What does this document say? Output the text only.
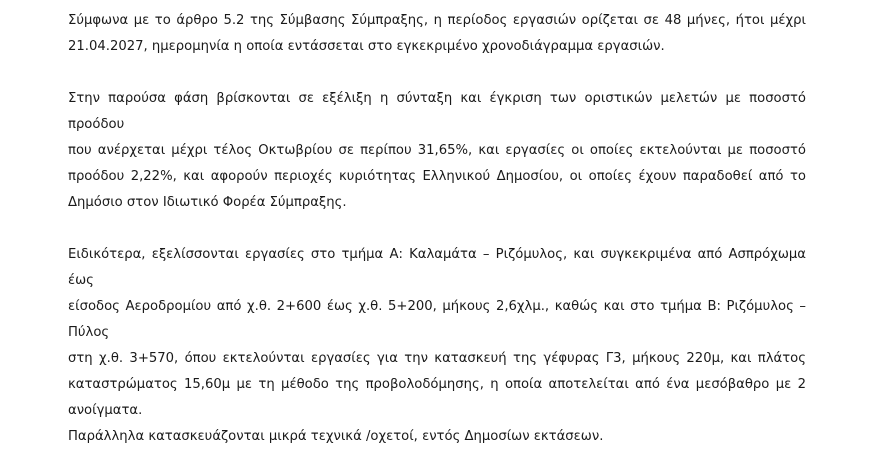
Σύμφωνα με το άρθρο 5.2 της Σύμβασης Σύμπραξης, η περίοδος εργασιών ορίζεται σε 48 μήνες, ήτοι μέχρι
21.04.2027, ημερομηνία η οποία εντάσσεται στο εγκεκριμένο χρονοδιάγραμμα εργασιών.

Στην παρούσα φάση βρίσκονται σε εξέλιξη η σύνταξη και έγκριση των οριστικών μελετών με ποσοστό προόδου
που ανέρχεται μέχρι τέλος Οκτωβρίου σε περίπου 31,65%, και εργασίες οι οποίες εκτελούνται με ποσοστό
προόδου 2,22%, και αφορούν περιοχές κυριότητας Ελληνικού Δημοσίου, οι οποίες έχουν παραδοθεί από το
Δημόσιο στον Ιδιωτικό Φορέα Σύμπραξης.

Ειδικότερα, εξελίσσονται εργασίες στο τμήμα Α: Καλαμάτα – Ριζόμυλος, και συγκεκριμένα από Ασπρόχωμα έως
είσοδος Αεροδρομίου από χ.θ. 2+600 έως χ.θ. 5+200, μήκους 2,6χλμ., καθώς και στο τμήμα Β: Ριζόμυλος – Πύλος
στη χ.θ. 3+570, όπου εκτελούνται εργασίες για την κατασκευή της γέφυρας Γ3, μήκους 220μ, και πλάτος
καταστρώματος 15,60μ με τη μέθοδο της προβολοδόμησης, η οποία αποτελείται από ένα μεσόβαθρο με 2
ανοίγματα.
Παράλληλα κατασκευάζονται μικρά τεχνικά /οχετοί, εντός Δημοσίων εκτάσεων.
